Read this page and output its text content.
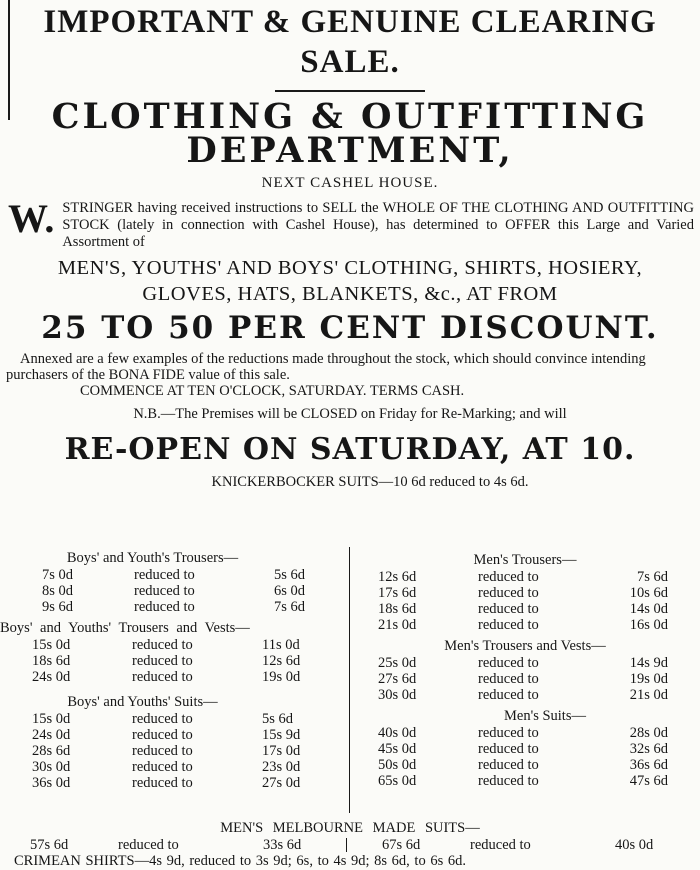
IMPORTANT & GENUINE CLEARING

SALE.

CLOTHING & OUTFITTING

DEPARTMENT,

NEXT CASHEL HOUSE.

W. STRINGER having received instructions to SELL the WHOLE OF THE CLOTHING AND OUTFITTING STOCK (lately in connection with Cashel House), has determined to OFFER this Large and Varied Assortment of

MEN'S, YOUTHS' AND BOYS' CLOTHING, SHIRTS, HOSIERY,

GLOVES, HATS, BLANKETS, &c., AT FROM

25 TO 50 PER CENT DISCOUNT.

Annexed are a few examples of the reductions made throughout the stock, which should convince intending purchasers of the BONA FIDE value of this sale.

COMMENCE AT TEN O'CLOCK, SATURDAY. TERMS CASH.

N.B.—The Premises will be CLOSED on Friday for Re-Marking; and will

RE-OPEN ON SATURDAY, AT 10.

KNICKERBOCKER SUITS—10 6d reduced to 4s 6d.

Boys' and Youth's Trousers—
7s 0d	reduced to	5s 6d
8s 0d	reduced to	6s 0d
9s 6d	reduced to	7s 6d
Boys' and Youths' Trousers and Vests—
15s 0d	reduced to	11s 0d
18s 6d	reduced to	12s 6d
24s 0d	reduced to	19s 0d
Boys' and Youths' Suits—
15s 0d	reduced to	5s 6d
24s 0d	reduced to	15s 9d
28s 6d	reduced to	17s 0d
30s 0d	reduced to	23s 0d
36s 0d	reduced to	27s 0d
Men's Trousers—
12s 6d	reduced to	7s 6d
17s 6d	reduced to	10s 6d
18s 6d	reduced to	14s 0d
21s 0d	reduced to	16s 0d
Men's Trousers and Vests—
25s 0d	reduced to	14s 9d
27s 6d	reduced to	19s 0d
30s 0d	reduced to	21s 0d
Men's Suits—
40s 0d	reduced to	28s 0d
45s 0d	reduced to	32s 6d
50s 0d	reduced to	36s 6d
65s 0d	reduced to	47s 6d
MEN'S MELBOURNE MADE SUITS—
57s 6d	reduced to	33s 6d	67s 6d	reduced to	40s 0d
CRIMEAN SHIRTS—4s 9d, reduced to 3s 9d; 6s, to 4s 9d; 8s 6d, to 6s 6d.
